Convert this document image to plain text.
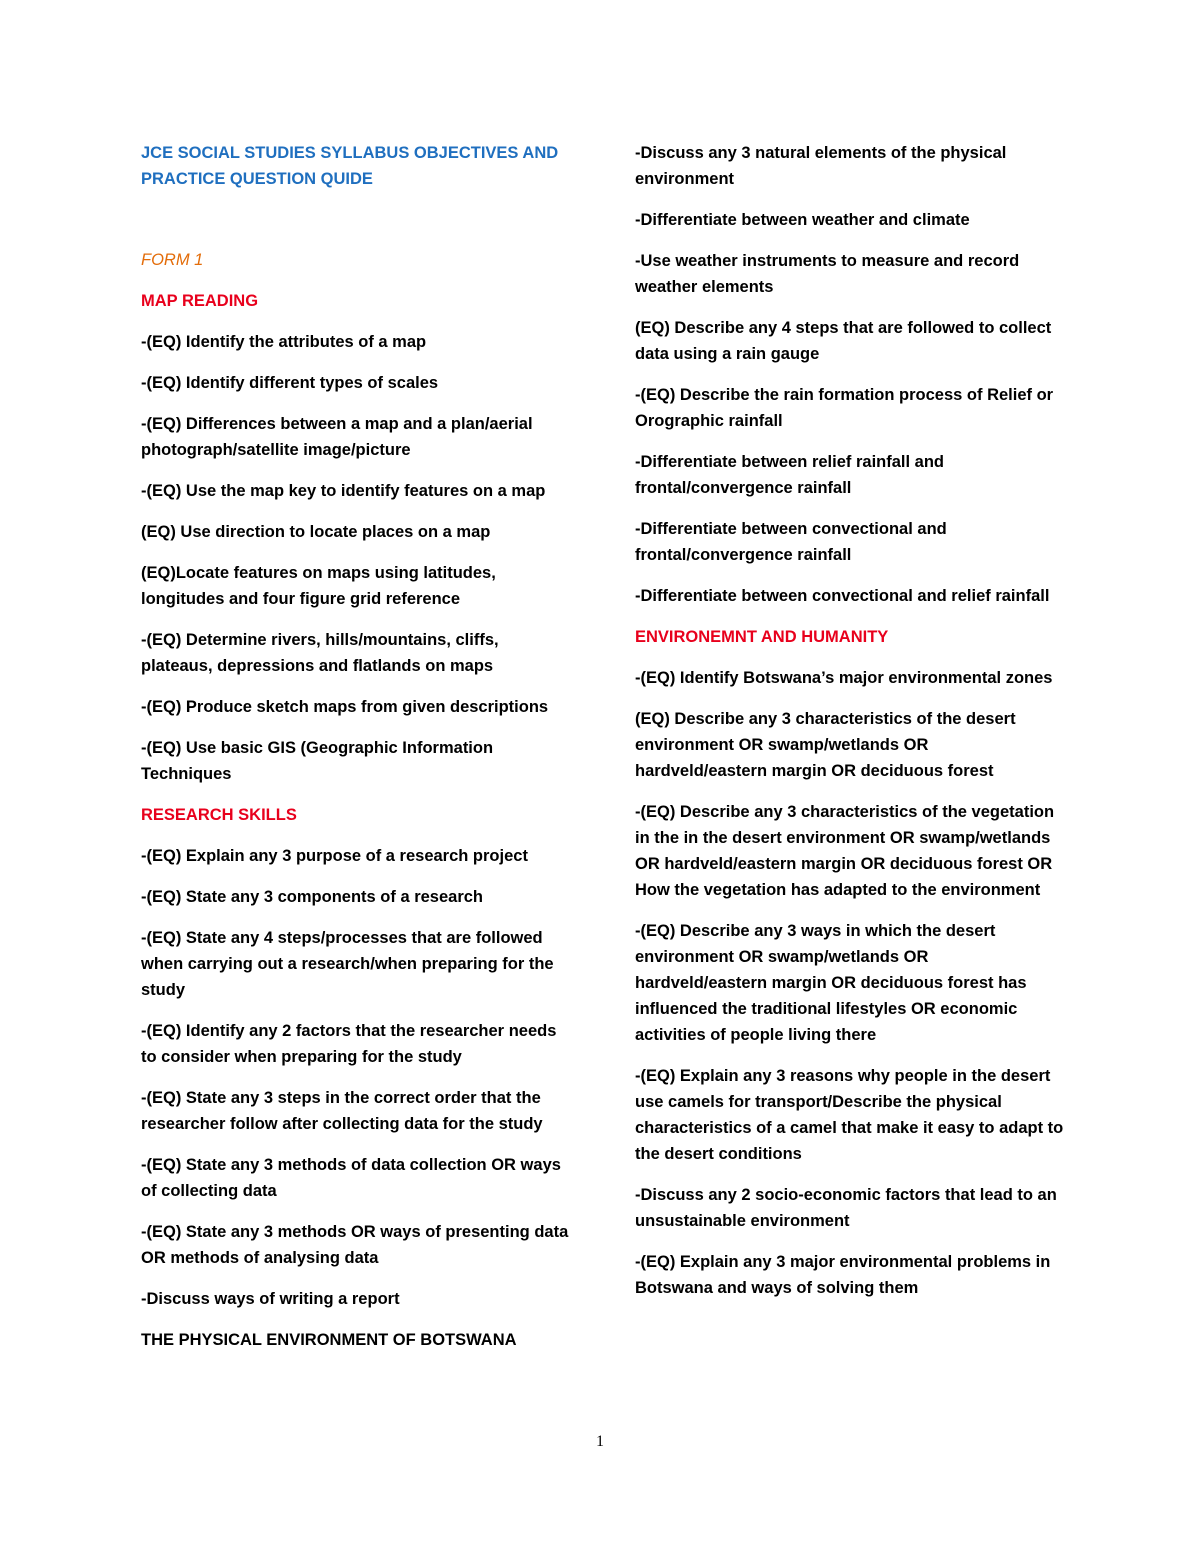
JCE SOCIAL STUDIES SYLLABUS OBJECTIVES AND PRACTICE QUESTION QUIDE

FORM 1

MAP READING

-(EQ) Identify the attributes of a map

-(EQ) Identify different types of scales

-(EQ) Differences between a map and a plan/aerial photograph/satellite image/picture

-(EQ) Use the map key to identify features on a map

(EQ) Use direction to locate places on a map

(EQ)Locate features on maps using latitudes, longitudes and four figure grid reference

-(EQ) Determine rivers, hills/mountains, cliffs, plateaus, depressions and flatlands on maps

-(EQ) Produce sketch maps from given descriptions

-(EQ) Use basic GIS (Geographic Information Techniques

RESEARCH SKILLS

-(EQ) Explain any 3 purpose of a research project

-(EQ) State any 3 components of a research

-(EQ) State any 4 steps/processes that are followed when carrying out a research/when preparing for the study

-(EQ) Identify any 2 factors that the researcher needs to consider when preparing for the study

-(EQ) State any 3 steps in the correct order that the researcher follow after collecting data for the study

-(EQ) State any 3 methods of data collection OR ways of collecting data

-(EQ) State any 3 methods OR ways of presenting data OR methods of analysing data

-Discuss ways of writing a report

THE PHYSICAL ENVIRONMENT OF BOTSWANA

-Discuss any 3 natural elements of the physical environment

-Differentiate between weather and climate

-Use weather instruments to measure and record weather elements

(EQ) Describe any 4 steps that are followed to collect data using a rain gauge

-(EQ) Describe the rain formation process of Relief or Orographic rainfall

-Differentiate between relief rainfall and frontal/convergence rainfall

-Differentiate between convectional and frontal/convergence rainfall

-Differentiate between convectional and relief rainfall

ENVIRONEMNT AND HUMANITY

-(EQ) Identify Botswana’s major environmental zones

(EQ) Describe any 3 characteristics of the desert environment OR swamp/wetlands OR hardveld/eastern margin OR deciduous forest

-(EQ) Describe any 3 characteristics of the vegetation in the in the desert environment OR swamp/wetlands OR hardveld/eastern margin OR deciduous forest OR How the vegetation has adapted to the environment

-(EQ) Describe any 3 ways in which the desert environment OR swamp/wetlands OR hardveld/eastern margin OR deciduous forest has influenced the traditional lifestyles OR economic activities of people living there

-(EQ) Explain any 3 reasons why people in the desert use camels for transport/Describe the physical characteristics of a camel that make it easy to adapt to the desert conditions

-Discuss any 2 socio-economic factors that lead to an unsustainable environment

-(EQ) Explain any 3 major environmental problems in Botswana and ways of solving them

1
